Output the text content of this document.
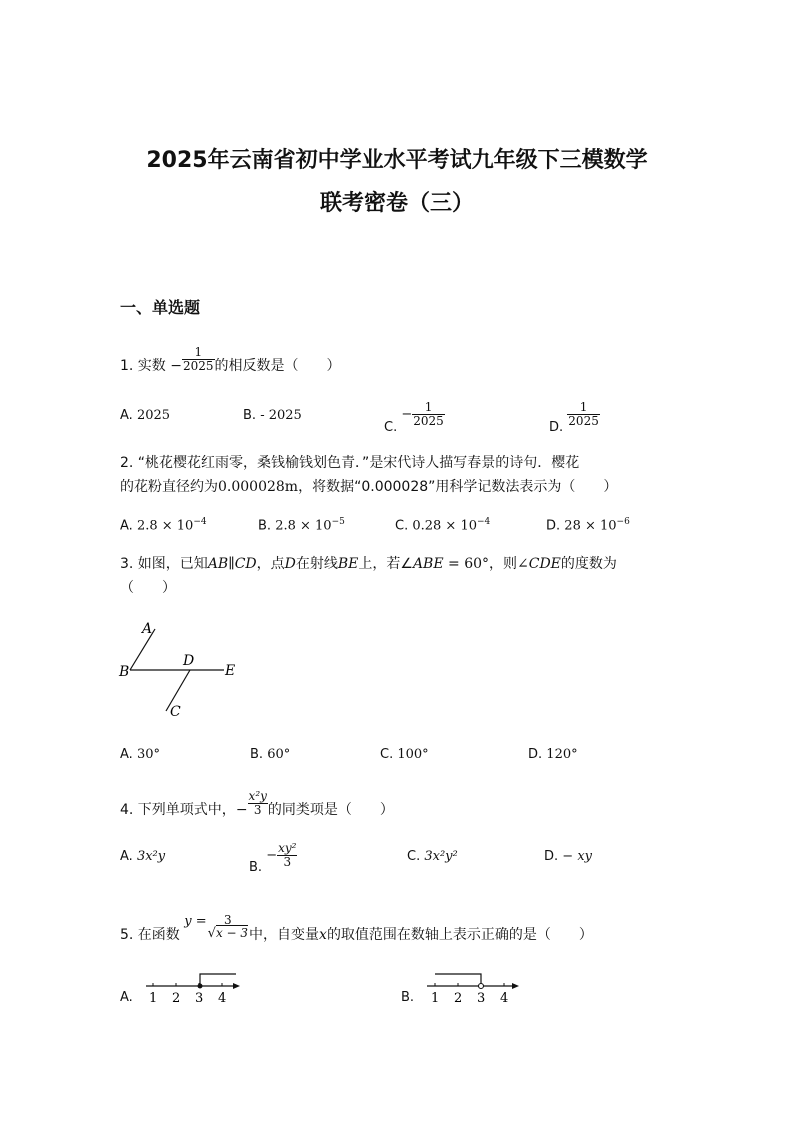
2025年云南省初中学业水平考试九年级下三模数学
联考密卷（三）
一、单选题
1. 实数 − $\frac{1}{2025}$ 的相反数是（　　）
A. 2025	B. - 2025
C. − $\frac{1}{2025}$	D. $\frac{1}{2025}$
2. “桃花樱花红雨零，桑钱榆钱划色青．”是宋代诗人描写春景的诗句．樱花
的花粉直径约为0.000028m，将数据“0.000028”用科学记数法表示为（　　）
A. $2.8 \times 10^{-4}$	B. $2.8 \times 10^{-5}$	C. $0.28 \times 10^{-4}$	D. $28 \times 10^{-6}$
3. 如图，已知AB∥CD，点D在射线BE上，若∠ABE = 60°，则∠CDE的度数为
（　　）
A
B
D
E
C
A. 30°	B. 60°	C. 100°	D. 120°
4. 下列单项式中，− $\frac{\text{x²y}}{3}$ 的同类项是（　　）
A. 3x²y
B. − $\frac{\text{xy²}}{3}$	C. 3x²y²	D. − xy
5. 在函数 y =	3
√x − 3 中，自变量x的取值范围在数轴上表示正确的是（　　）
A. 1 2 3 4	B. 1 2 3 4
